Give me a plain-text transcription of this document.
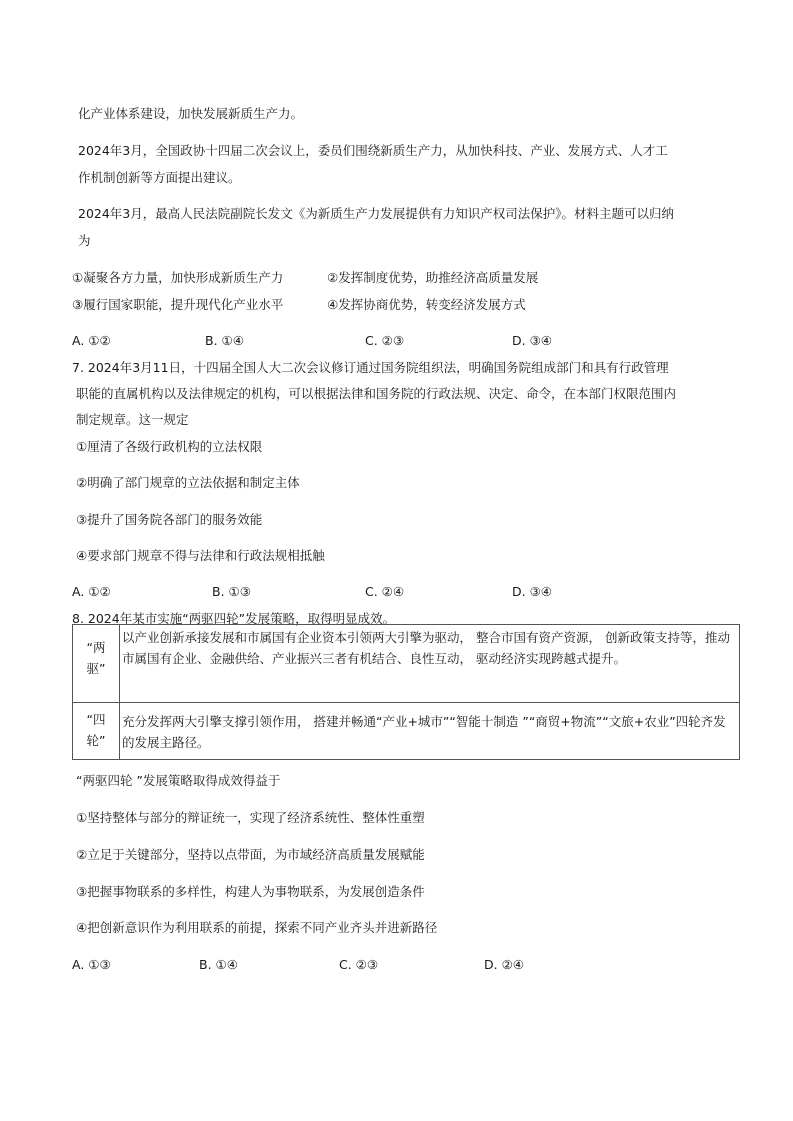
化产业体系建设，加快发展新质生产力。
2024年3月，全国政协十四届二次会议上，委员们围绕新质生产力，从加快科技、产业、发展方式、人才工
作机制创新等方面提出建议。
2024年3月，最高人民法院副院长发文《为新质生产力发展提供有力知识产权司法保护》。材料主题可以归纳
为
①凝聚各方力量，加快形成新质生产力	②发挥制度优势，助推经济高质量发展
③履行国家职能，提升现代化产业水平	④发挥协商优势，转变经济发展方式
A. ①②	B. ①④	C. ②③	D. ③④
7. 2024年3月11日，十四届全国人大二次会议修订通过国务院组织法，明确国务院组成部门和具有行政管理
职能的直属机构以及法律规定的机构，可以根据法律和国务院的行政法规、决定、命令，在本部门权限范围内
制定规章。这一规定
①厘清了各级行政机构的立法权限
②明确了部门规章的立法依据和制定主体
③提升了国务院各部门的服务效能
④要求部门规章不得与法律和行政法规相抵触
A. ①②	B. ①③	C. ②④	D. ③④
8. 2024年某市实施“两驱四轮”发展策略，取得明显成效。
“两驱”	以产业创新承接发展和市属国有企业资本引领两大引擎为驱动， 整合市国有资产资源， 创新政策支持等，推动市属国有企业、金融供给、产业振兴三者有机结合、良性互动， 驱动经济实现跨越式提升。
“四轮”	充分发挥两大引擎支撑引领作用， 搭建并畅通“产业+城市”“智能十制造 ”“商贸+物流”“文旅+农业”四轮齐发的发展主路径。
“两驱四轮 ”发展策略取得成效得益于
①坚持整体与部分的辩证统一，实现了经济系统性、整体性重塑
②立足于关键部分，坚持以点带面，为市域经济高质量发展赋能
③把握事物联系的多样性，构建人为事物联系，为发展创造条件
④把创新意识作为利用联系的前提，探索不同产业齐头并进新路径
A. ①③	B. ①④	C. ②③	D. ②④
